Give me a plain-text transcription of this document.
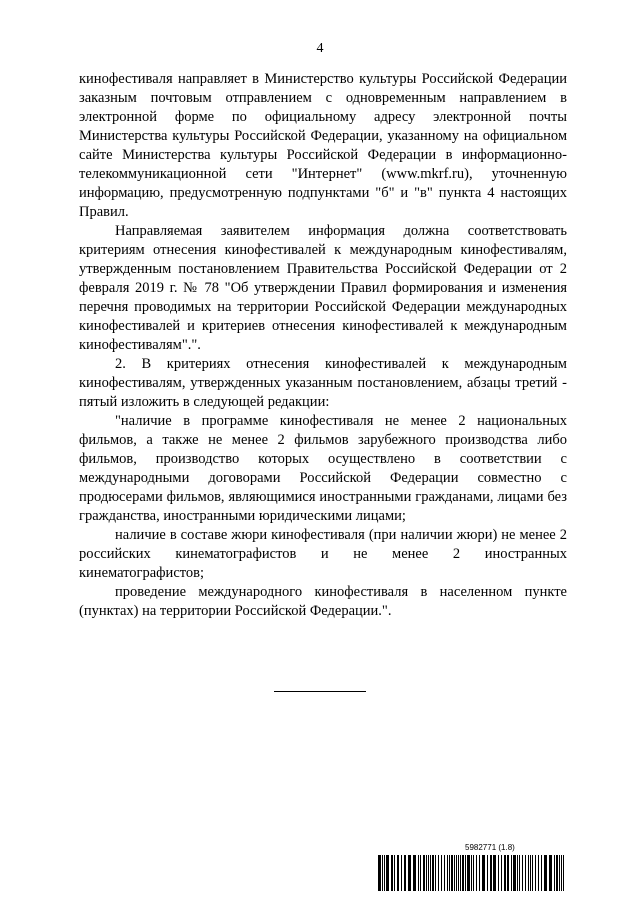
4

кинофестиваля направляет в Министерство культуры Российской Федерации заказным почтовым отправлением с одновременным направлением в электронной форме по официальному адресу электронной почты Министерства культуры Российской Федерации, указанному на официальном сайте Министерства культуры Российской Федерации в информационно-телекоммуникационной сети "Интернет" (www.mkrf.ru), уточненную информацию, предусмотренную подпунктами "б" и "в" пункта 4 настоящих Правил.

Направляемая заявителем информация должна соответствовать критериям отнесения кинофестивалей к международным кинофестивалям, утвержденным постановлением Правительства Российской Федерации от 2 февраля 2019 г. № 78 "Об утверждении Правил формирования и изменения перечня проводимых на территории Российской Федерации международных кинофестивалей и критериев отнесения кинофестивалей к международным кинофестивалям".".

2. В критериях отнесения кинофестивалей к международным кинофестивалям, утвержденных указанным постановлением, абзацы третий - пятый изложить в следующей редакции:

"наличие в программе кинофестиваля не менее 2 национальных фильмов, а также не менее 2 фильмов зарубежного производства либо фильмов, производство которых осуществлено в соответствии с международными договорами Российской Федерации совместно с продюсерами фильмов, являющимися иностранными гражданами, лицами без гражданства, иностранными юридическими лицами;

наличие в составе жюри кинофестиваля (при наличии жюри) не менее 2 российских кинематографистов и не менее 2 иностранных кинематографистов;

проведение международного кинофестиваля в населенном пункте (пунктах) на территории Российской Федерации.".

5982771 (1.8)
